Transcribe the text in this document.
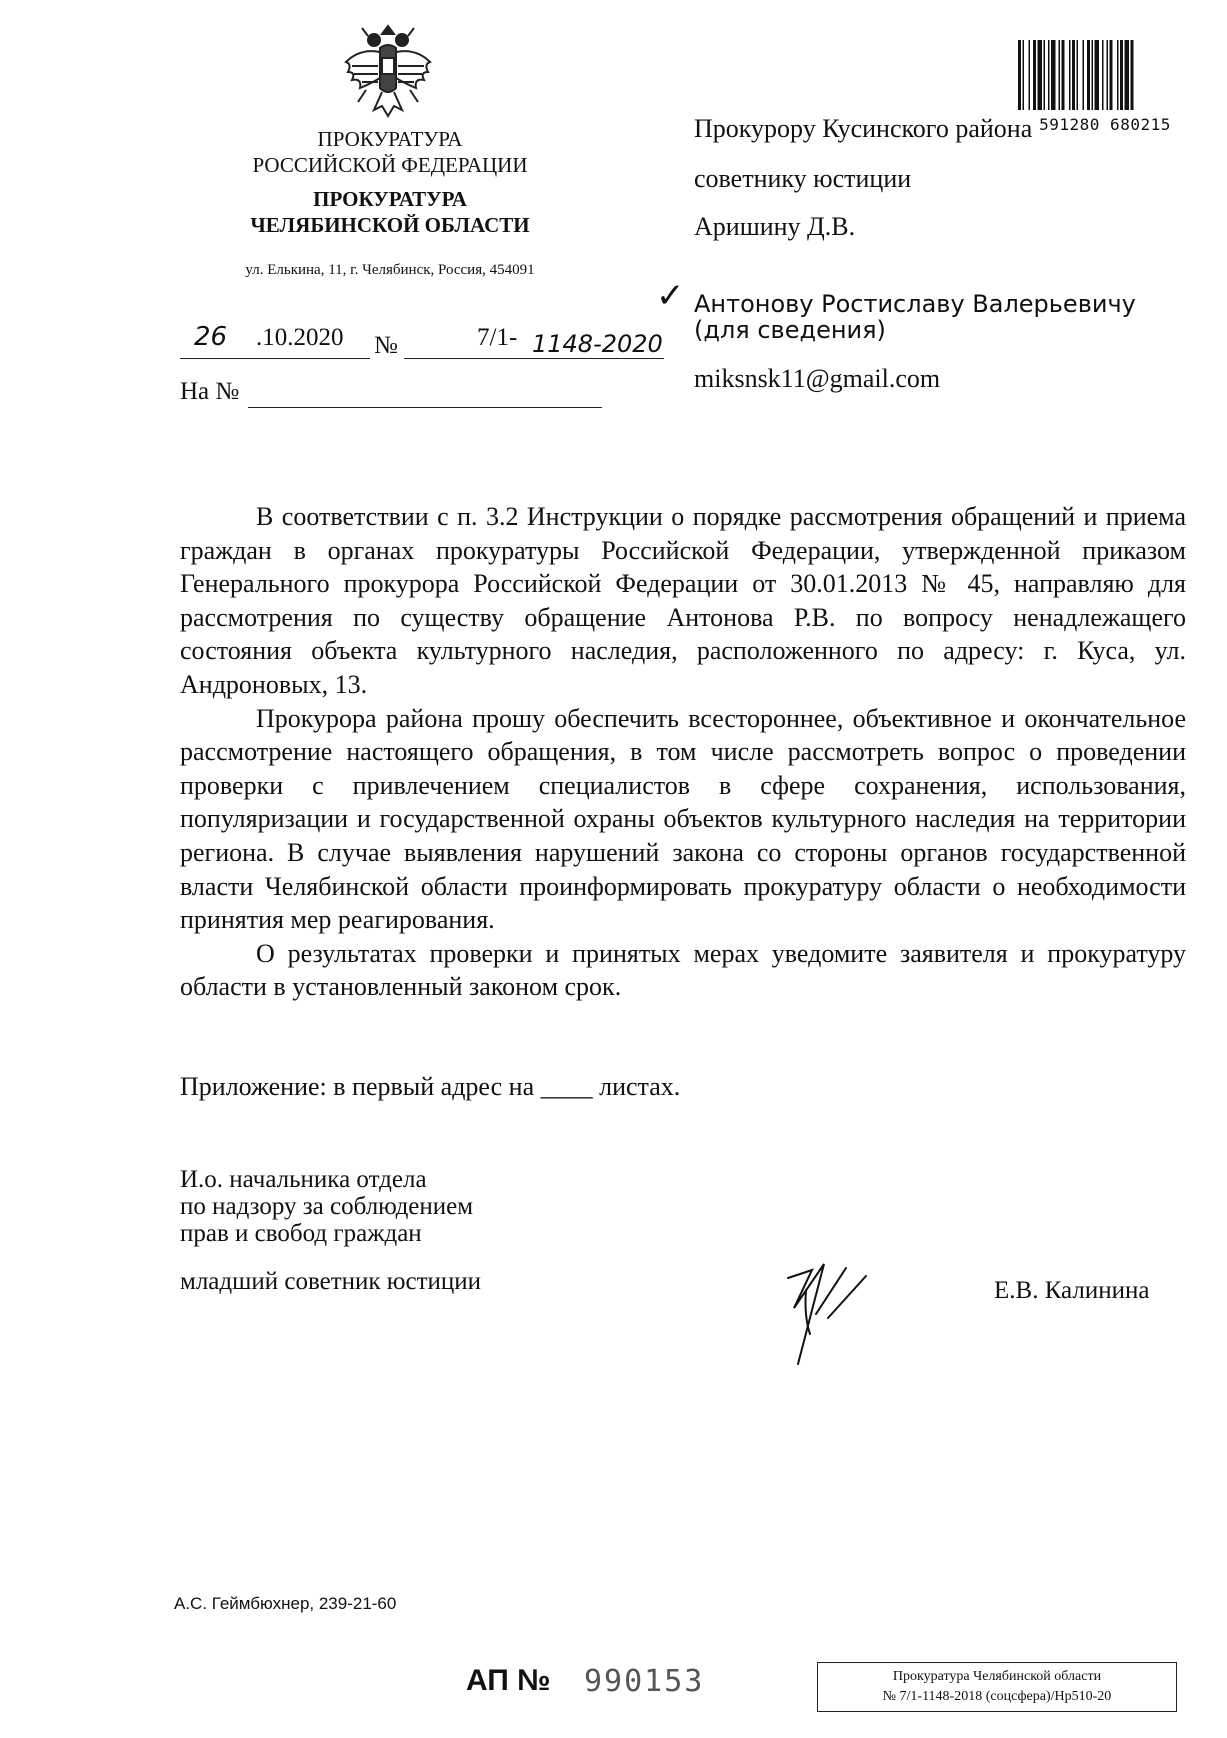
ПРОКУРАТУРА
РОССИЙСКОЙ ФЕДЕРАЦИИ
ПРОКУРАТУРА
ЧЕЛЯБИНСКОЙ ОБЛАСТИ
ул. Елькина, 11, г. Челябинск, Россия, 454091
591280 680215
Прокурору Кусинского района
советнику юстиции
Аришину Д.В.
✓ Антонову Ростиславу Валерьевичу
(для сведения)
miksnsk11@gmail.com
26 .10.2020 №	7/1- 1148-2020
На №

В соответствии с п. 3.2 Инструкции о порядке рассмотрения обращений и приема граждан в органах прокуратуры Российской Федерации, утвержденной приказом Генерального прокурора Российской Федерации от 30.01.2013 № 45, направляю для рассмотрения по существу обращение Антонова Р.В. по вопросу ненадлежащего состояния объекта культурного наследия, расположенного по адресу: г. Куса, ул. Андроновых, 13.

Прокурора района прошу обеспечить всестороннее, объективное и окончательное рассмотрение настоящего обращения, в том числе рассмотреть вопрос о проведении проверки с привлечением специалистов в сфере сохранения, использования, популяризации и государственной охраны объектов культурного наследия на территории региона. В случае выявления нарушений закона со стороны органов государственной власти Челябинской области проинформировать прокуратуру области о необходимости принятия мер реагирования.

О результатах проверки и принятых мерах уведомите заявителя и прокуратуру области в установленный законом срок.

Приложение: в первый адрес на ____ листах.
И.о. начальника отдела
по надзору за соблюдением
прав и свобод граждан
младший советник юстиции	Е.В. Калинина
А.С. Геймбюхнер, 239-21-60
АП № 990153	Прокуратура Челябинской области
№ 7/1-1148-2018 (соцсфера)/Нр510-20
